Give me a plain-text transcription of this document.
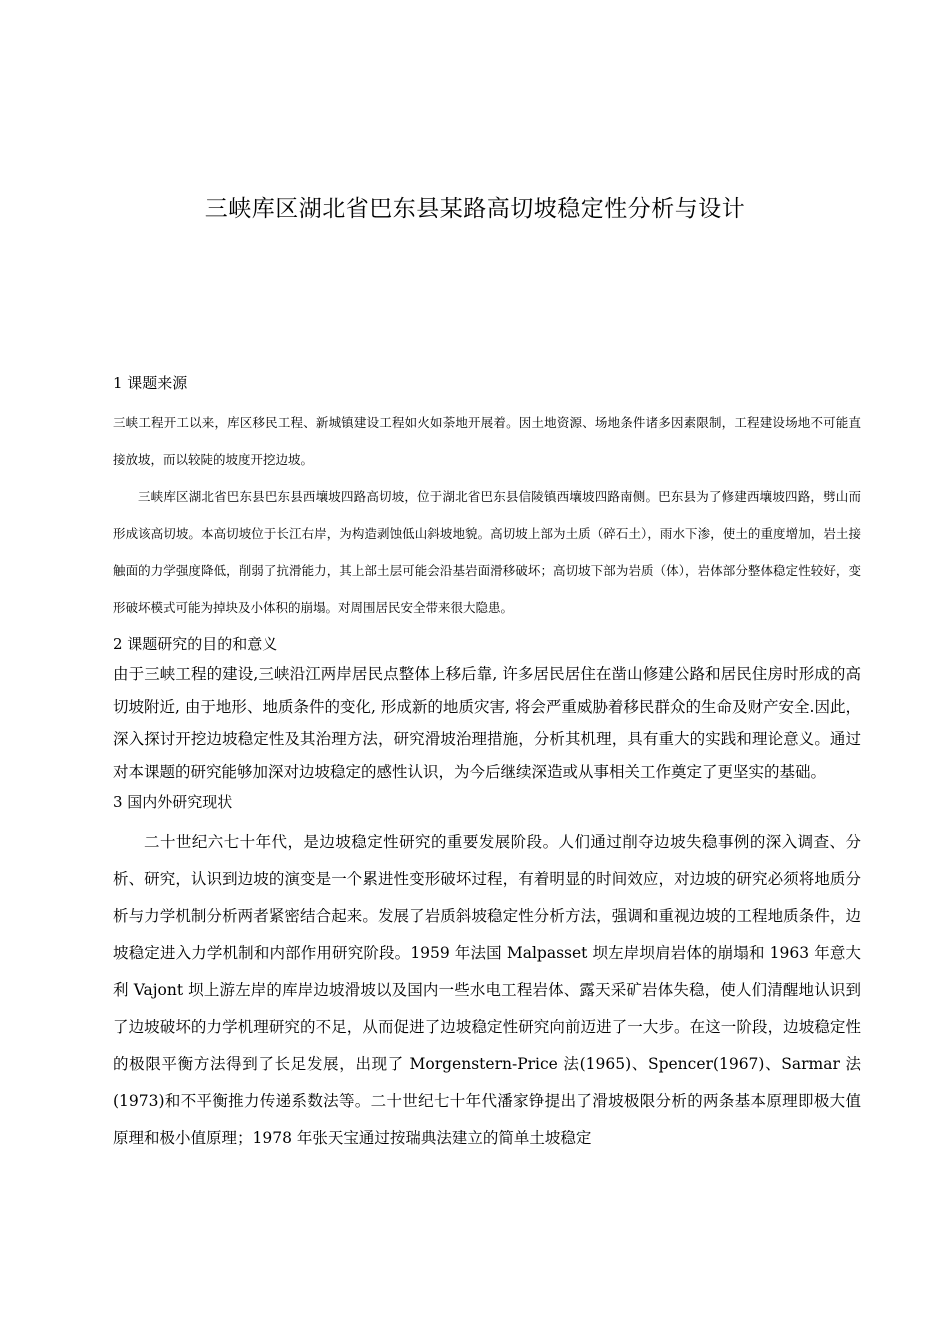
三峡库区湖北省巴东县某路高切坡稳定性分析与设计
1 课题来源

三峡工程开工以来，库区移民工程、新城镇建设工程如火如荼地开展着。因土地资源、场地条件诸多因素限制，工程建设场地不可能直接放坡，而以较陡的坡度开挖边坡。

三峡库区湖北省巴东县巴东县西壤坡四路高切坡，位于湖北省巴东县信陵镇西壤坡四路南侧。巴东县为了修建西壤坡四路，劈山而形成该高切坡。本高切坡位于长江右岸，为构造剥蚀低山斜坡地貌。高切坡上部为土质（碎石土），雨水下渗，使土的重度增加，岩土接触面的力学强度降低，削弱了抗滑能力，其上部土层可能会沿基岩面滑移破坏；高切坡下部为岩质（体），岩体部分整体稳定性较好，变形破坏模式可能为掉块及小体积的崩塌。对周围居民安全带来很大隐患。

2 课题研究的目的和意义

由于三峡工程的建设,三峡沿江两岸居民点整体上移后靠, 许多居民居住在凿山修建公路和居民住房时形成的高切坡附近, 由于地形、地质条件的变化, 形成新的地质灾害, 将会严重威胁着移民群众的生命及财产安全.因此，深入探讨开挖边坡稳定性及其治理方法，研究滑坡治理措施，分析其机理，具有重大的实践和理论意义。通过对本课题的研究能够加深对边坡稳定的感性认识，为今后继续深造或从事相关工作奠定了更坚实的基础。

3 国内外研究现状

二十世纪六七十年代，是边坡稳定性研究的重要发展阶段。人们通过削夺边坡失稳事例的深入调查、分析、研究，认识到边坡的演变是一个累进性变形破坏过程，有着明显的时间效应，对边坡的研究必须将地质分析与力学机制分析两者紧密结合起来。发展了岩质斜坡稳定性分析方法，强调和重视边坡的工程地质条件，边坡稳定进入力学机制和内部作用研究阶段。1959 年法国 Malpasset 坝左岸坝肩岩体的崩塌和 1963 年意大利 Vajont 坝上游左岸的库岸边坡滑坡以及国内一些水电工程岩体、露天采矿岩体失稳，使人们清醒地认识到了边坡破坏的力学机理研究的不足，从而促进了边坡稳定性研究向前迈进了一大步。在这一阶段，边坡稳定性的极限平衡方法得到了长足发展，出现了 Morgenstern-Price 法(1965)、Spencer(1967)、Sarmar 法(1973)和不平衡推力传递系数法等。二十世纪七十年代潘家铮提出了滑坡极限分析的两条基本原理即极大值原理和极小值原理；1978 年张天宝通过按瑞典法建立的简单土坡稳定
